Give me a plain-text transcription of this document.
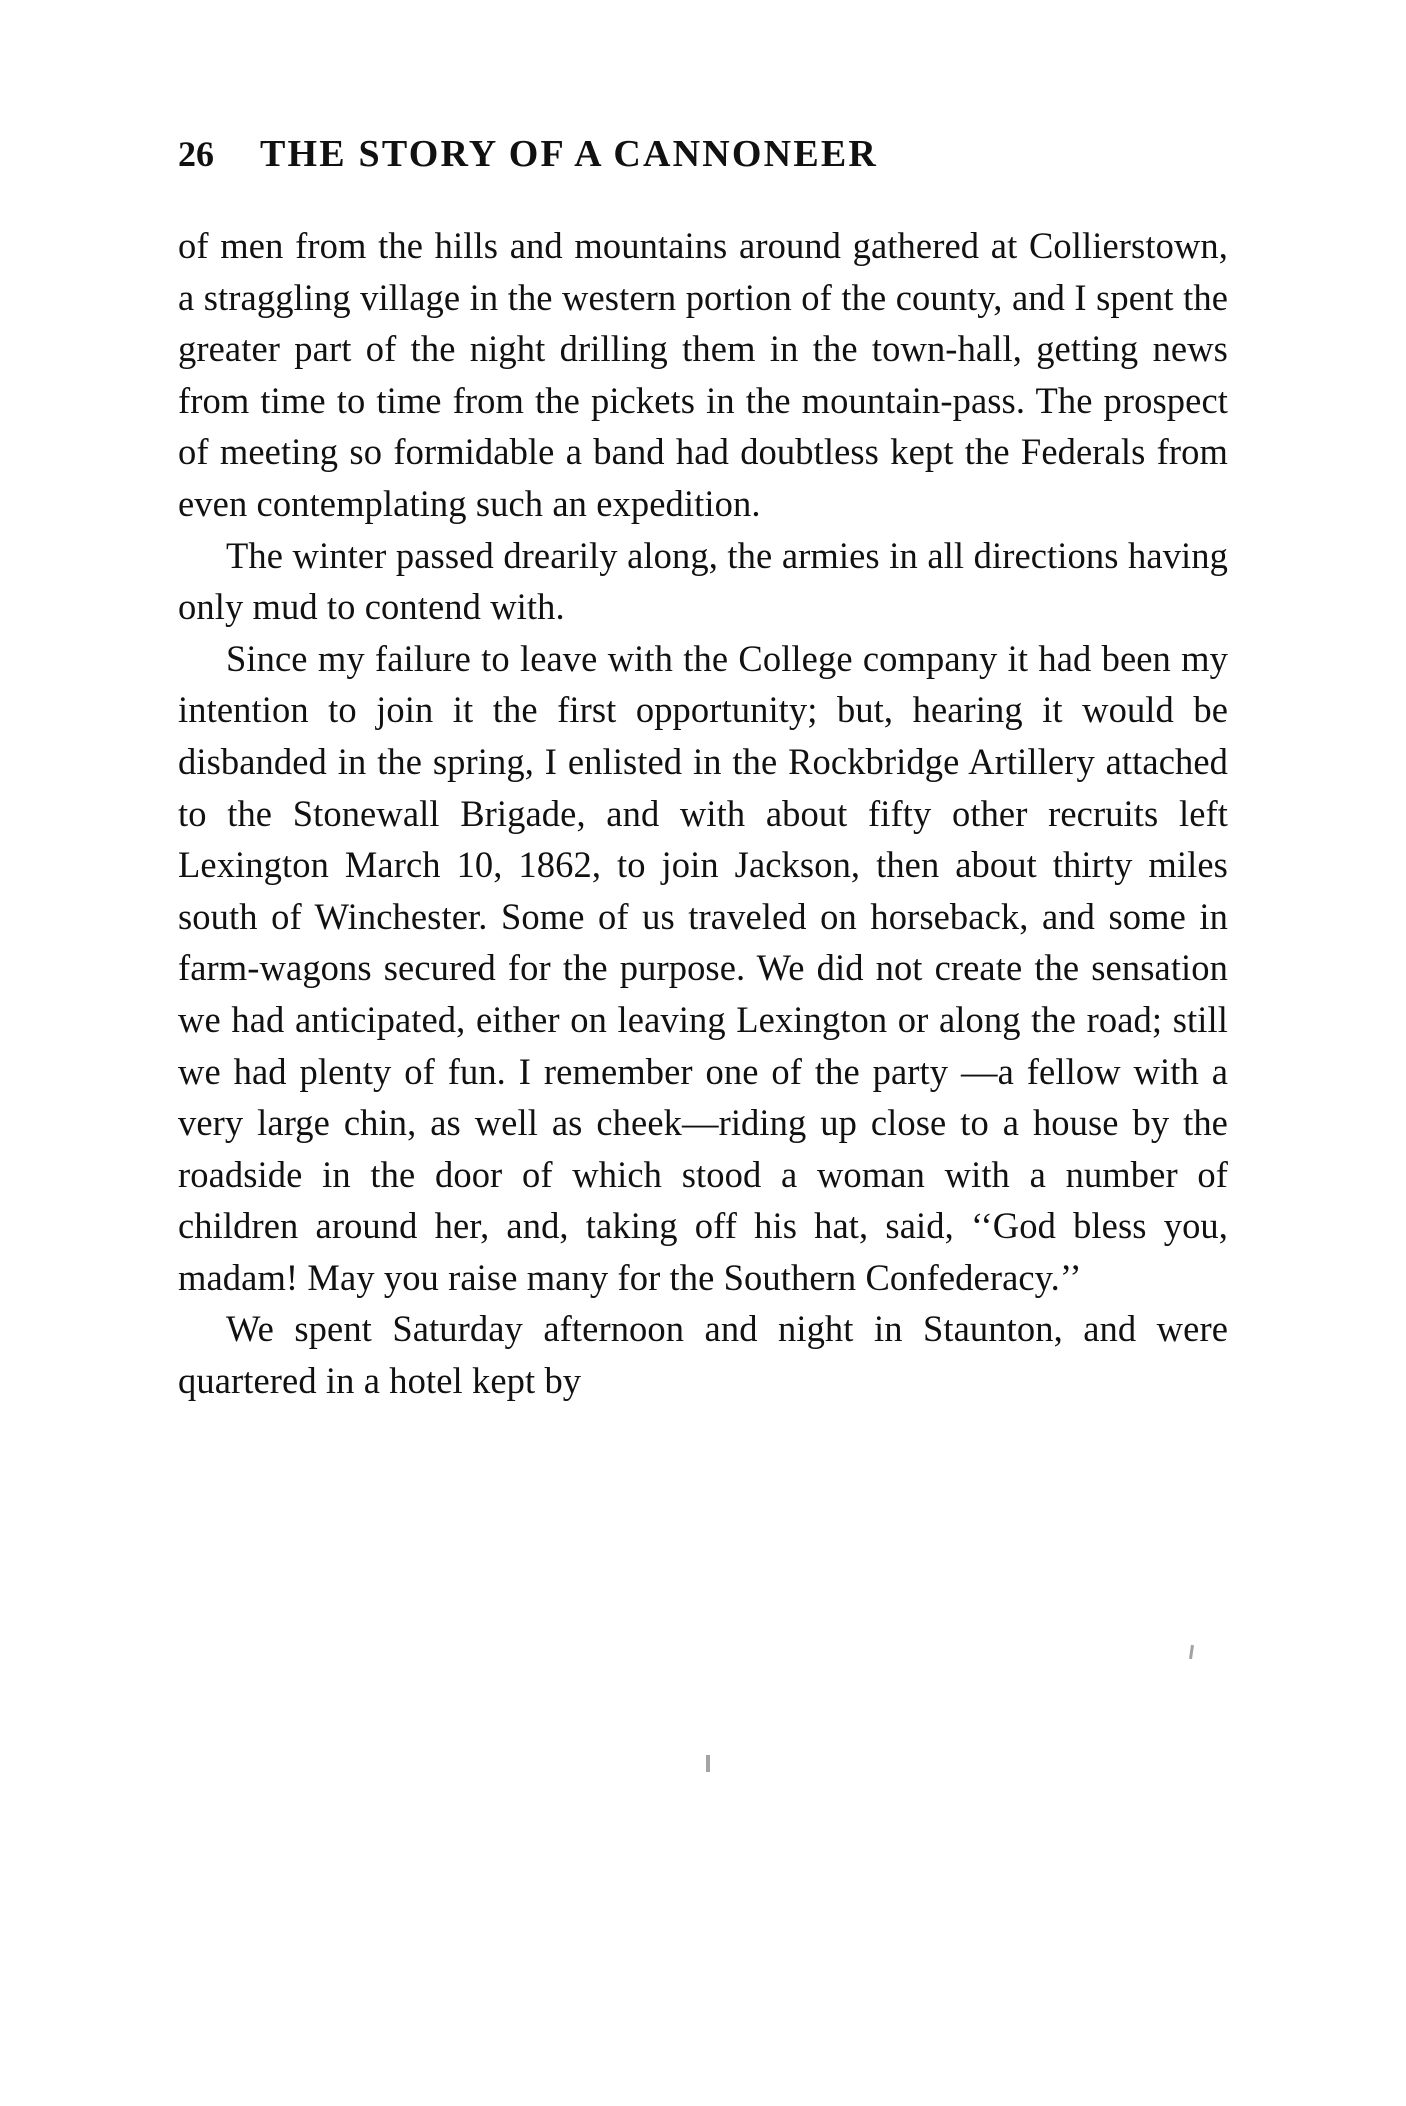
26 THE STORY OF A CANNONEER

of men from the hills and mountains around gathered at Collierstown, a straggling village in the western portion of the county, and I spent the greater part of the night drilling them in the town-hall, getting news from time to time from the pickets in the mountain-pass. The prospect of meeting so formidable a band had doubtless kept the Federals from even contemplating such an expedition.

The winter passed drearily along, the armies in all directions having only mud to contend with.

Since my failure to leave with the College company it had been my intention to join it the first opportunity; but, hearing it would be disbanded in the spring, I enlisted in the Rockbridge Artillery attached to the Stonewall Brigade, and with about fifty other recruits left Lexington March 10, 1862, to join Jackson, then about thirty miles south of Winchester. Some of us traveled on horseback, and some in farm-wagons secured for the purpose. We did not create the sensation we had anticipated, either on leaving Lexington or along the road; still we had plenty of fun. I remember one of the party —a fellow with a very large chin, as well as cheek—riding up close to a house by the roadside in the door of which stood a woman with a number of children around her, and, taking off his hat, said, ‘‘God bless you, madam! May you raise many for the Southern Confederacy.’’

We spent Saturday afternoon and night in Staunton, and were quartered in a hotel kept by
